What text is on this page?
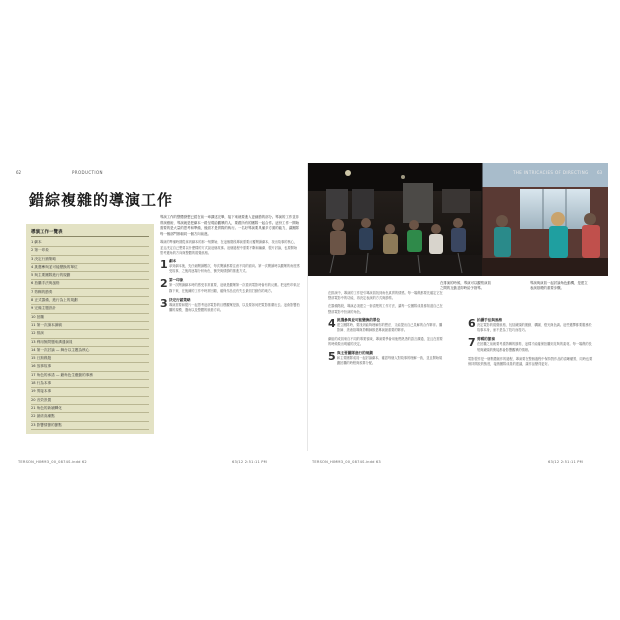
62	PRODUCTION
錯綜複雜的導演工作
導演工作一覽表
1 劇本
2 第一印象
3 決定行銷策略
4 挑選參與並可能變換的單位
5 與主要團隊進行的規劃
6 拍攝手法與風格
7 剪輯的節奏
8 正式籌備，進行為上的規劃
9 完備主題設計
10 拍攝
11 第一次讀本讀稿
12 排演
13 利用無問題來溝通演員
14 第一次討論 — 舞台以主題為核心
15 日狗戲殺
16 放事故事
17 角色的承諾 — 藉角色生應動的事務
18 行為本事
19 剪接本事
20 音效設置
21 角色的新穎轉化
22 最終高潮點
23 影響情節的節點

導演工作的整體發想已經在前一章講述完畢，接下來就要進入更細節的部分。導演的工作並非實演藝術，導演就是把劇本一路呈現給觀眾的人，要跟所有的團隊一起合作。這份工作一開始需要的是大量的思考和準備，後面才是實際的執行。一名好導演要具備多方面的能力，讓團隊每一個部門都朝同一個方向前進。

導演的準備時期從拿到劇本的那一刻開始，在這個階段導演需要反覆閱讀劇本，找出故事的核心，並且決定自己想要以什麼樣的方式說這個故事。這個過程中需要不斷和編劇、製片討論，也要開始思考選角的方向與整體的視覺風格。

1 劇本
拿到劇本後，先仔細閱讀數次，每次閱讀都要注意不同的面向。第一次閱讀時以觀眾的角度感受故事，之後再逐場分析角色、衝突與情節的推進方式。
2 第一印象
第一次閱讀劇本時的感受非常重要，這就是觀眾第一次看到電影時會有的反應。把這些印象記錄下來，在後續的工作中時常回顧，確保作品沒有失去最初打動你的地方。
3 決定行銷策略
導演需要和製片一起思考這部電影的目標觀眾是誰，以及要如何把電影推廣出去。這會影響拍攝的規模、選角以及整體的風格方向。
THE INTRICACIES OF DIRECTING 63
在排演的時候，導演可以觀察演員之間的互動並即時給予指導。
導演與演員一起討論角色動機，是建立表演基礎的重要步驟。

在排演中，導演的工作是引導演員找到角色真實的情感。每一場戲都要先確定它在整部電影中的功能，再決定表演的方式與節奏。

在籌備階段，導演必須建立一套清楚的工作方法，讓每一位團隊成員都知道自己在整部電影中扮演的角色。

4 挑選參與並可能變換的單位
建立團隊時，要找到能夠理解你的想法、又能提出自己見解的合作夥伴。攝影師、美術指導與剪輯師都是導演最重要的夥伴。

劇組的成員來自不同的專業領域，導演要學會用他們熟悉的語言溝通，並且在需要的時候做出明確的決定。

5 與主要團隊進行的規劃
和主要團隊成員一起討論劇本，確認每個人對故事的理解一致，並且開始規劃拍攝的時程與預算分配。
6 拍攝手法與風格
決定電影的視覺風格，包括鏡頭的運動、構圖、燈光與色調。這些選擇都要服務於故事本身，而不是為了技巧而技巧。
7 剪輯的節奏
在拍攝之前就要考慮剪輯的節奏，這樣才能確保拍攝到足夠的素材。每一場戲的長短與鏡頭的銜接都會影響觀眾的情緒。

電影製作是一個集體創作的過程，導演要在整個過程中保持對作品的清晰願景，同時也要保持開放的態度，接納團隊成員的建議，讓作品變得更好。

TERSON_HIMM3_00_0874S.indd 62	63/12 2:51:11 PM	TERSON_HIMM3_00_0874S.indd 63	63/12 2:51:11 PM
